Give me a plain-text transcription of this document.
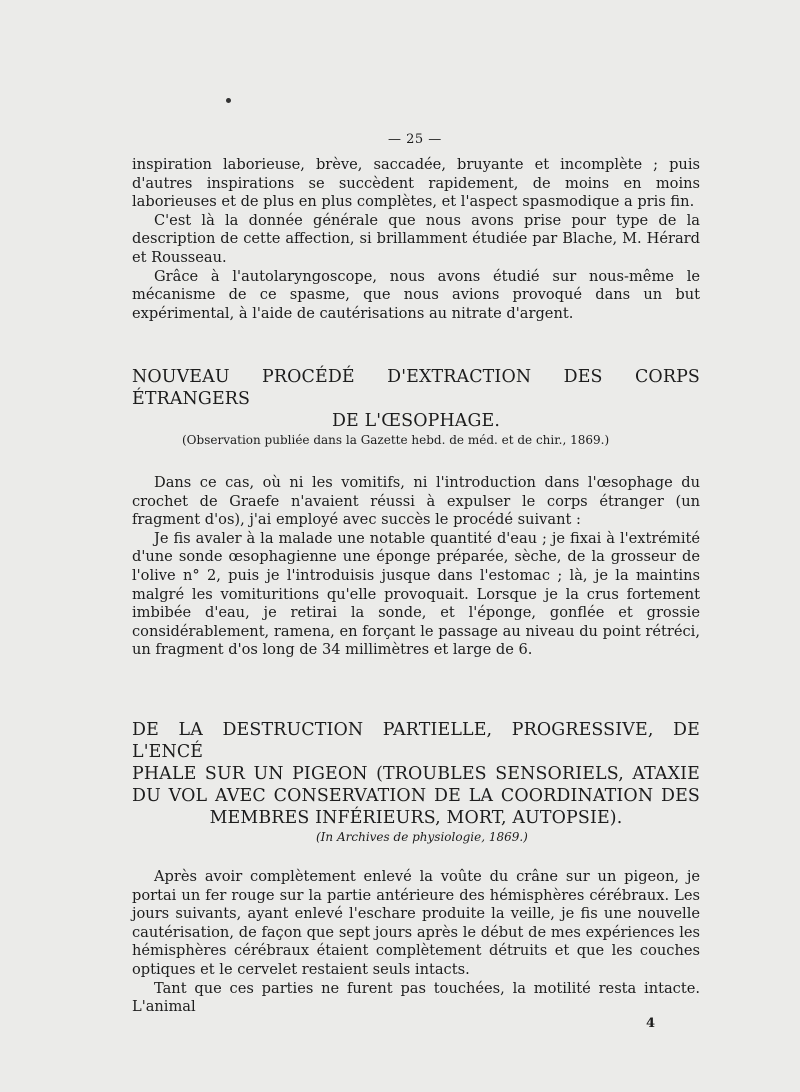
— 25 —

inspiration laborieuse, brève, saccadée, bruyante et incomplète ; puis d'autres inspirations se succèdent rapidement, de moins en moins laborieuses et de plus en plus complètes, et l'aspect spasmodique a pris fin.

C'est là la donnée générale que nous avons prise pour type de la description de cette affection, si brillamment étudiée par Blache, M. Hérard et Rousseau.

Grâce à l'autolaryngoscope, nous avons étudié sur nous-même le mécanisme de ce spasme, que nous avions provoqué dans un but expérimental, à l'aide de cautérisations au nitrate d'argent.

NOUVEAU PROCÉDÉ D'EXTRACTION DES CORPS ÉTRANGERS
DE L'ŒSOPHAGE.
(Observation publiée dans la Gazette hebd. de méd. et de chir., 1869.)

Dans ce cas, où ni les vomitifs, ni l'introduction dans l'œsophage du crochet de Graefe n'avaient réussi à expulser le corps étranger (un fragment d'os), j'ai employé avec succès le procédé suivant :

Je fis avaler à la malade une notable quantité d'eau ; je fixai à l'extrémité d'une sonde œsophagienne une éponge préparée, sèche, de la grosseur de l'olive n° 2, puis je l'introduisis jusque dans l'estomac ; là, je la maintins malgré les vomituritions qu'elle provoquait. Lorsque je la crus fortement imbibée d'eau, je retirai la sonde, et l'éponge, gonflée et grossie considérablement, ramena, en forçant le passage au niveau du point rétréci, un fragment d'os long de 34 millimètres et large de 6.

DE LA DESTRUCTION PARTIELLE, PROGRESSIVE, DE L'ENCÉ
PHALE SUR UN PIGEON (TROUBLES SENSORIELS, ATAXIE
DU VOL AVEC CONSERVATION DE LA COORDINATION DES
MEMBRES INFÉRIEURS, MORT, AUTOPSIE).
(In Archives de physiologie, 1869.)

Après avoir complètement enlevé la voûte du crâne sur un pigeon, je portai un fer rouge sur la partie antérieure des hémisphères cérébraux. Les jours suivants, ayant enlevé l'eschare produite la veille, je fis une nouvelle cautérisation, de façon que sept jours après le début de mes expériences les hémisphères cérébraux étaient complètement détruits et que les couches optiques et le cervelet restaient seuls intacts.

Tant que ces parties ne furent pas touchées, la motilité resta intacte. L'animal

4
